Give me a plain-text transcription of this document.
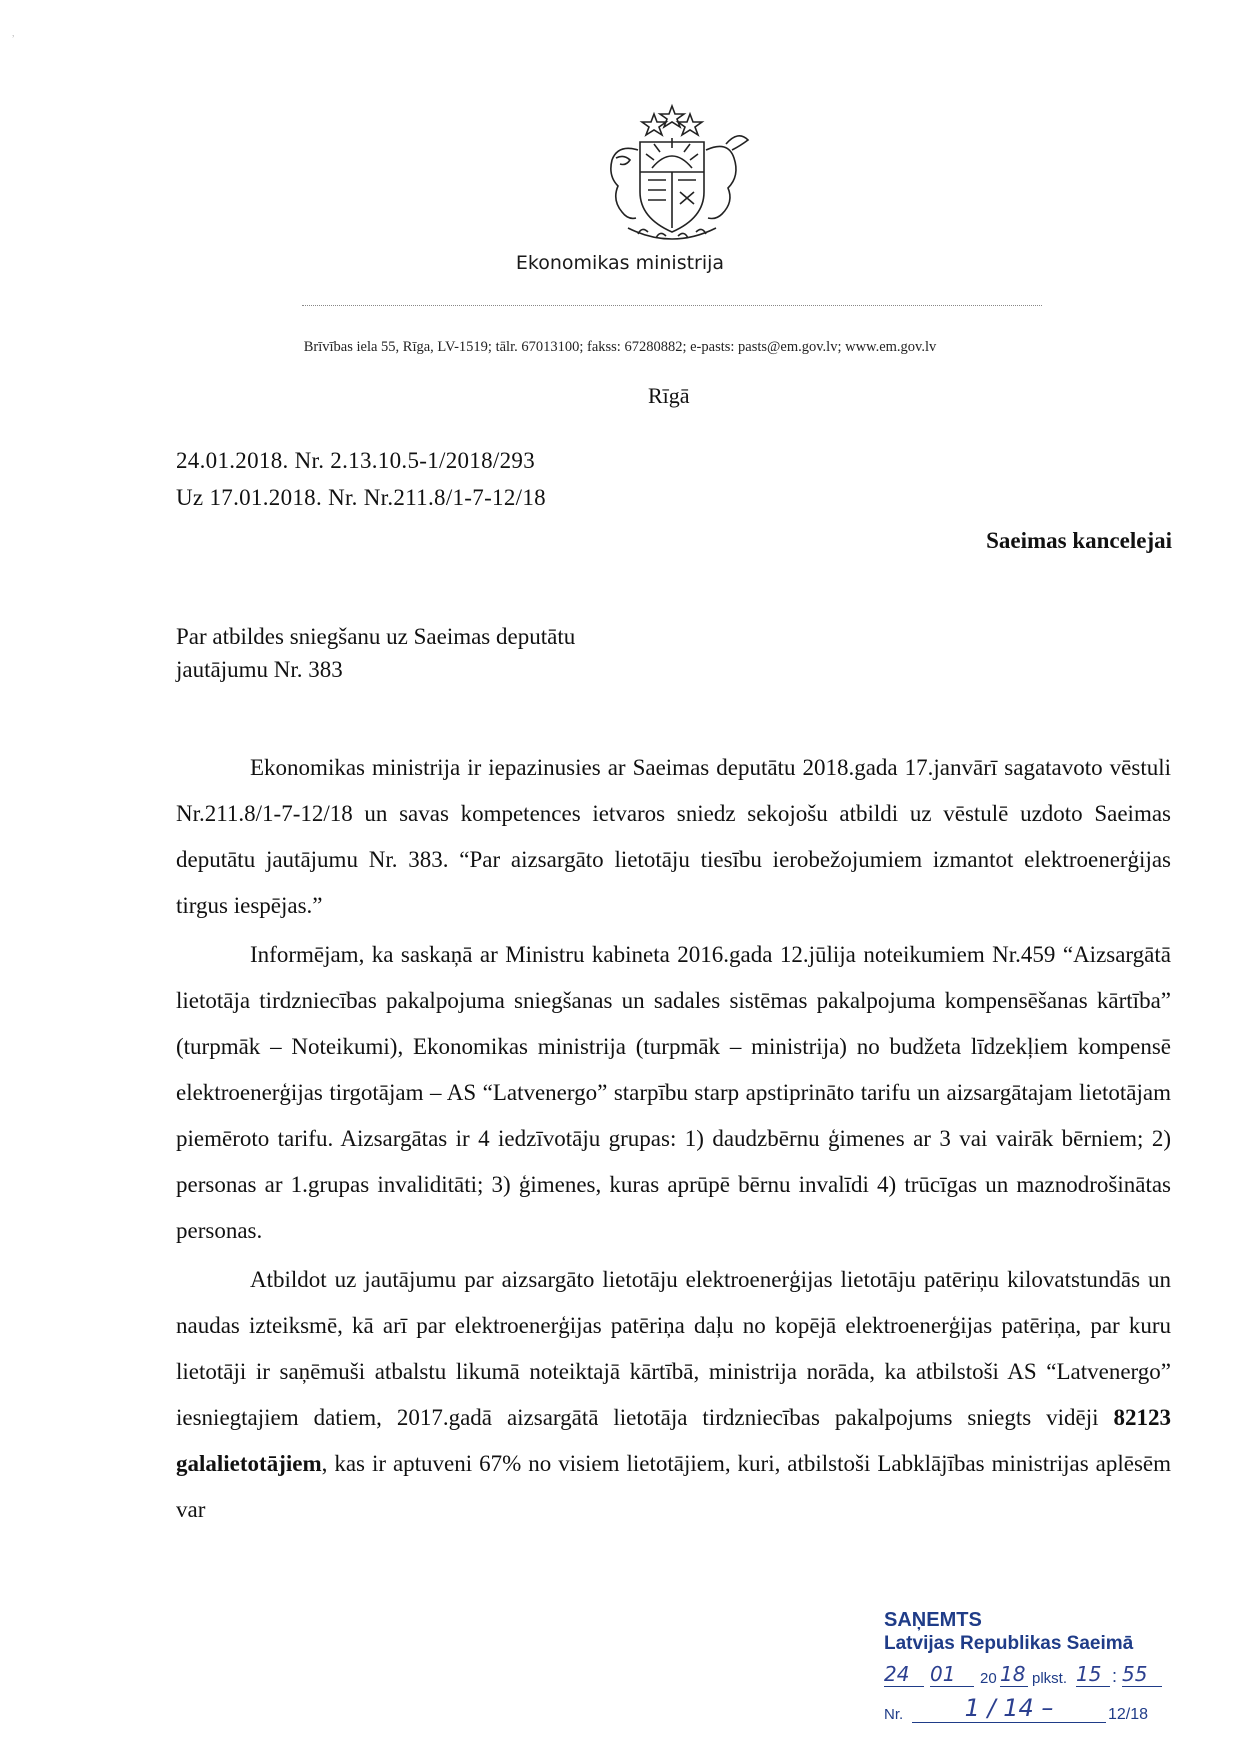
,
Ekonomikas ministrija
Brīvības iela 55, Rīga, LV-1519; tālr. 67013100; fakss: 67280882; e-pasts: pasts@em.gov.lv; www.em.gov.lv
Rīgā
24.01.2018. Nr. 2.13.10.5-1/2018/293
Uz 17.01.2018. Nr. Nr.211.8/1-7-12/18
Saeimas kancelejai
Par atbildes sniegšanu uz Saeimas deputātu
jautājumu Nr. 383

Ekonomikas ministrija ir iepazinusies ar Saeimas deputātu 2018.gada 17.janvārī sagatavoto vēstuli Nr.211.8/1-7-12/18 un savas kompetences ietvaros sniedz sekojošu atbildi uz vēstulē uzdoto Saeimas deputātu jautājumu Nr. 383. “Par aizsargāto lietotāju tiesību ierobežojumiem izmantot elektroenerģijas tirgus iespējas.”

Informējam, ka saskaņā ar Ministru kabineta 2016.gada 12.jūlija noteikumiem Nr.459 “Aizsargātā lietotāja tirdzniecības pakalpojuma sniegšanas un sadales sistēmas pakalpojuma kompensēšanas kārtība” (turpmāk – Noteikumi), Ekonomikas ministrija (turpmāk – ministrija) no budžeta līdzekļiem kompensē elektroenerģijas tirgotājam – AS “Latvenergo” starpību starp apstiprināto tarifu un aizsargātajam lietotājam piemēroto tarifu. Aizsargātas ir 4 iedzīvotāju grupas: 1) daudzbērnu ģimenes ar 3 vai vairāk bērniem; 2) personas ar 1.grupas invaliditāti; 3) ģimenes, kuras aprūpē bērnu invalīdi 4) trūcīgas un maznodrošinātas personas.

Atbildot uz jautājumu par aizsargāto lietotāju elektroenerģijas lietotāju patēriņu kilovatstundās un naudas izteiksmē, kā arī par elektroenerģijas patēriņa daļu no kopējā elektroenerģijas patēriņa, par kuru lietotāji ir saņēmuši atbalstu likumā noteiktajā kārtībā, ministrija norāda, ka atbilstoši AS “Latvenergo” iesniegtajiem datiem, 2017.gadā aizsargātā lietotāja tirdzniecības pakalpojums sniegts vidēji 82123 galalietotājiem, kas ir aptuveni 67% no visiem lietotājiem, kuri, atbilstoši Labklājības ministrijas aplēsēm var

SAŅEMTS
Latvijas Republikas Saeimā
24	01	20 18 plkst. 15 : 55
Nr.	1 / 14 –	12/18
